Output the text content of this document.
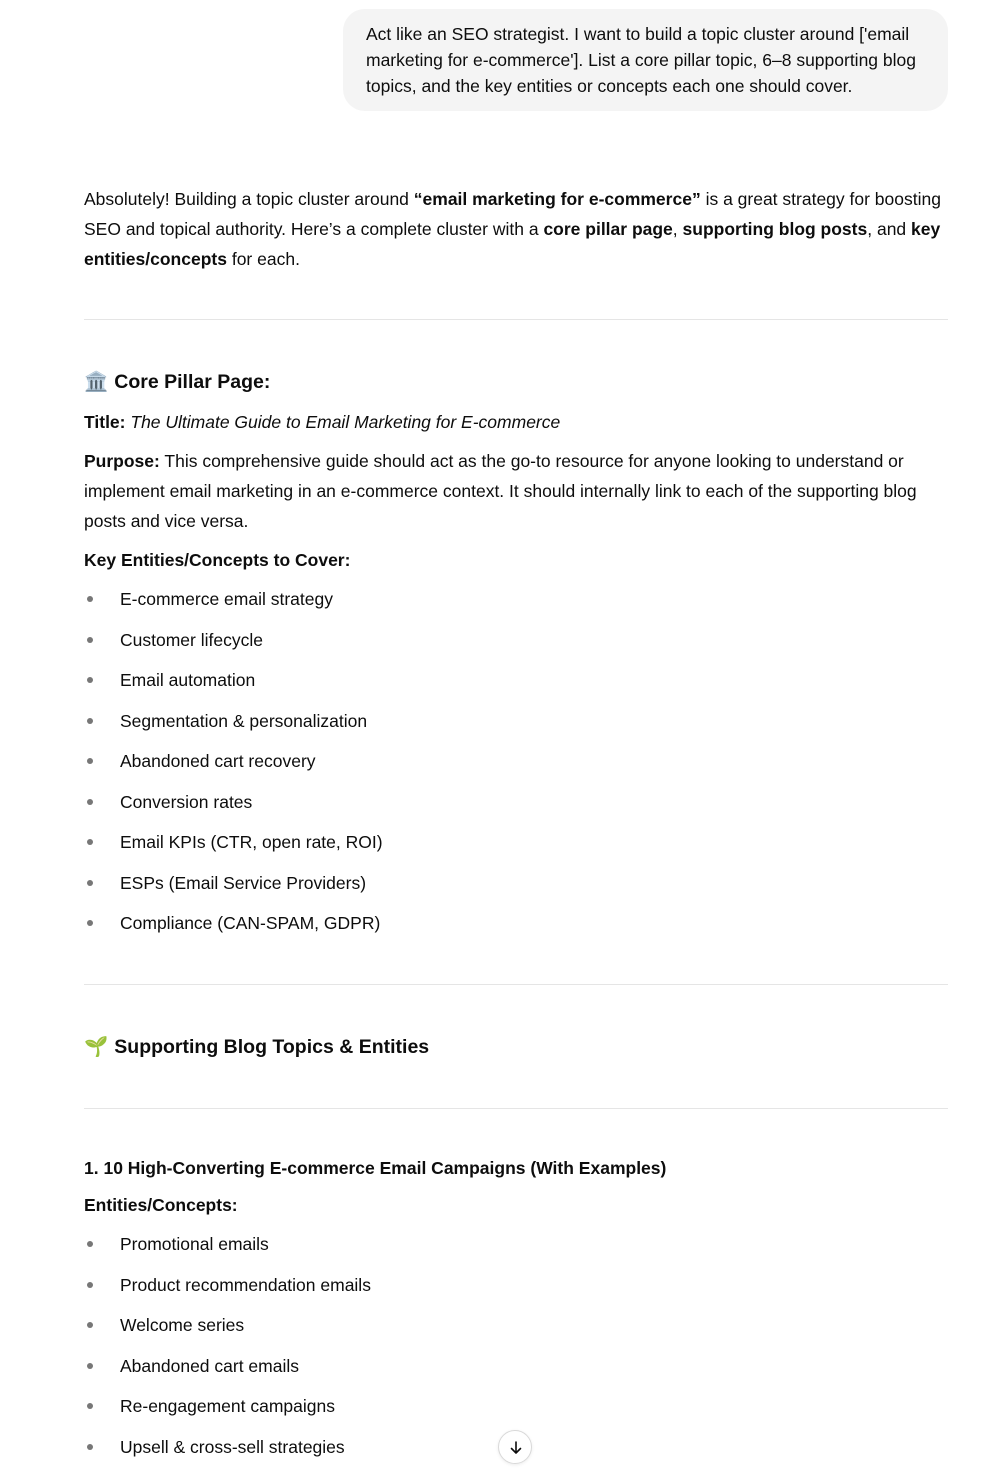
Act like an SEO strategist. I want to build a topic cluster around ['email marketing for e-commerce']. List a core pillar topic, 6–8 supporting blog topics, and the key entities or concepts each one should cover.

Absolutely! Building a topic cluster around “email marketing for e-commerce” is a great strategy for boosting SEO and topical authority. Here’s a complete cluster with a core pillar page, supporting blog posts, and key entities/concepts for each.

🏛️ Core Pillar Page:

Title: The Ultimate Guide to Email Marketing for E-commerce

Purpose: This comprehensive guide should act as the go-to resource for anyone looking to understand or implement email marketing in an e-commerce context. It should internally link to each of the supporting blog posts and vice versa.

Key Entities/Concepts to Cover:

E-commerce email strategy
Customer lifecycle
Email automation
Segmentation & personalization
Abandoned cart recovery
Conversion rates
Email KPIs (CTR, open rate, ROI)
ESPs (Email Service Providers)
Compliance (CAN-SPAM, GDPR)
🌱 Supporting Blog Topics & Entities
1. 10 High-Converting E-commerce Email Campaigns (With Examples)

Entities/Concepts:

Promotional emails
Product recommendation emails
Welcome series
Abandoned cart emails
Re-engagement campaigns
Upsell & cross-sell strategies
